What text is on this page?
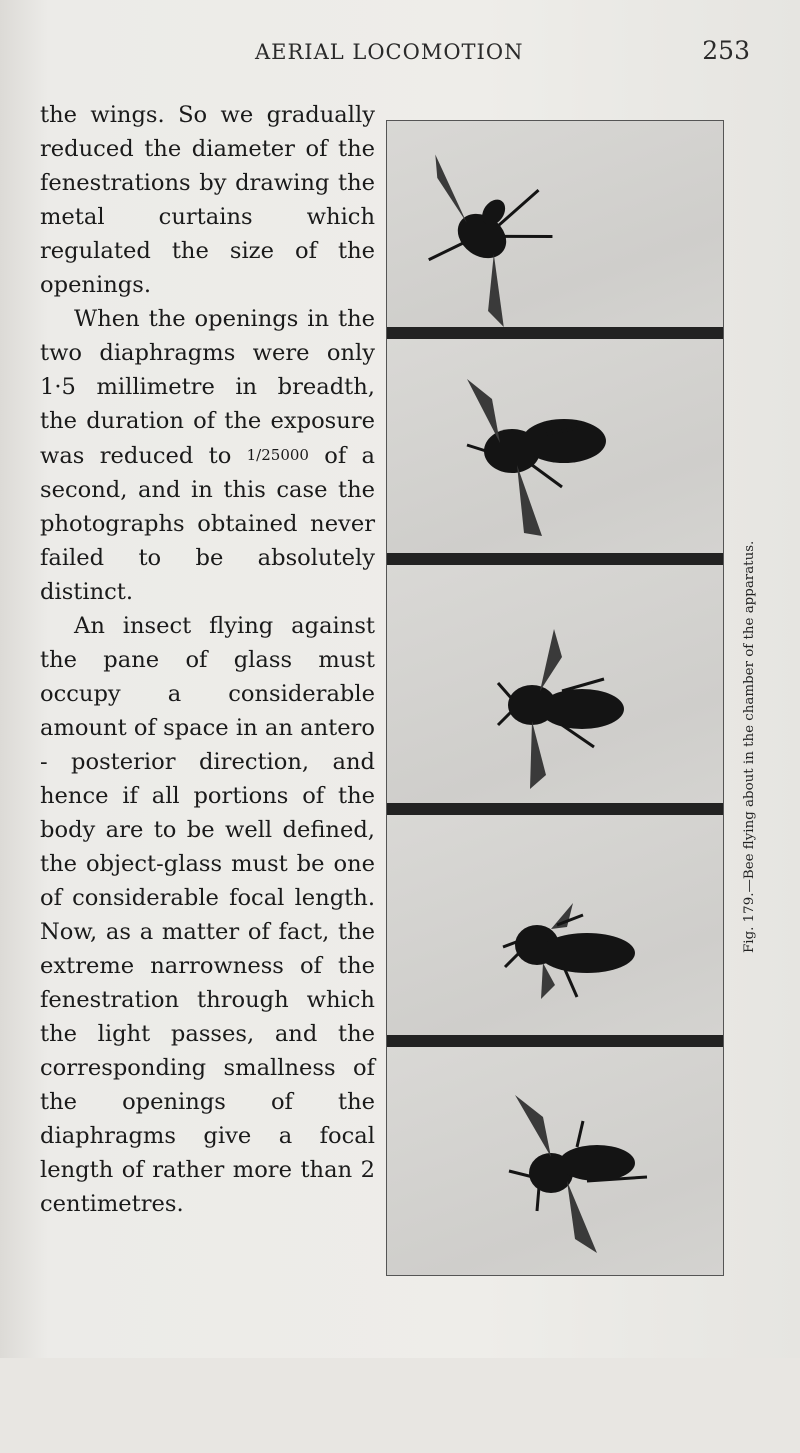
AERIAL LOCOMOTION	253

the wings. So we gradually reduced the diameter of the fenestrations by drawing the metal curtains which regulated the size of the openings.

When the openings in the two diaphragms were only 1·5 millimetre in breadth, the duration of the exposure was reduced to 1/25000 of a second, and in this case the photographs obtained never failed to be absolutely distinct.

An insect flying against the pane of glass must occupy a considerable amount of space in an antero - posterior direction, and hence if all portions of the body are to be well defined, the object-glass must be one of considerable focal length. Now, as a matter of fact, the extreme narrowness of the fenestration through which the light passes, and the corresponding smallness of the openings of the diaphragms give a focal length of rather more than 2 centimetres.

Fig. 179.—Bee flying about in the chamber of the apparatus.
